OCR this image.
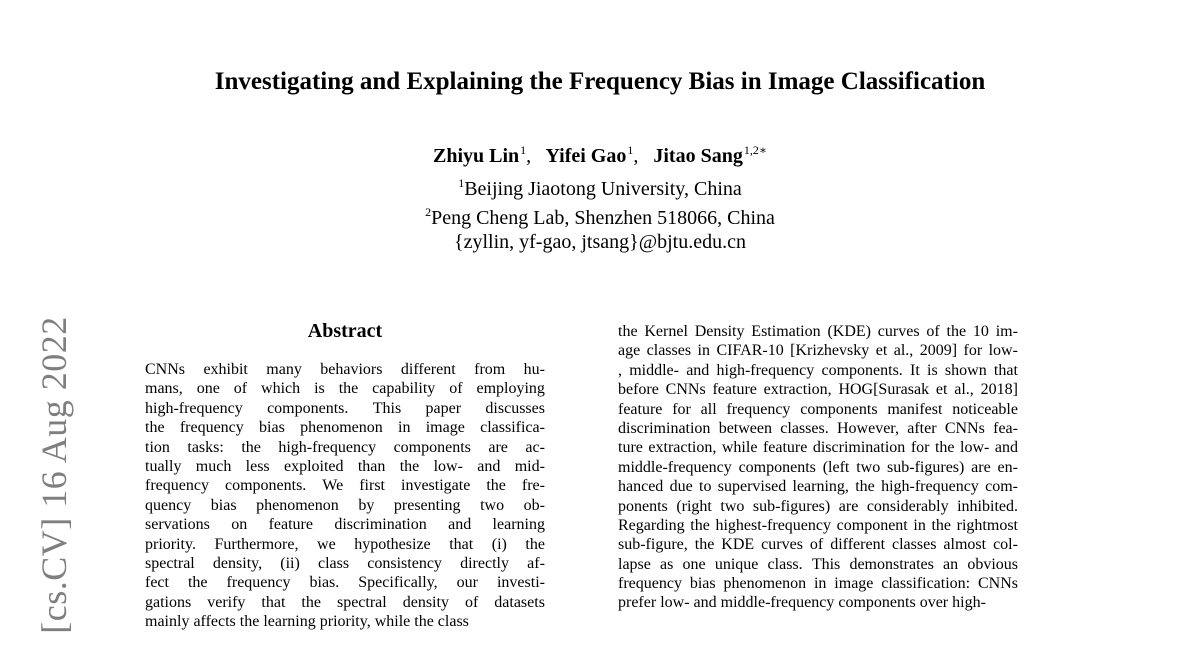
Investigating and Explaining the Frequency Bias in Image Classification
Zhiyu Lin$^1$, Yifei Gao$^1$, Jitao Sang$^{1,2∗}$
$^1$Beijing Jiaotong University, China
$^2$Peng Cheng Lab, Shenzhen 518066, China
{zyllin, yf-gao, jtsang}@bjtu.edu.cn
[cs.CV] 16 Aug 2022	Abstract
CNNs exhibit many behaviors different from hu-
mans, one of which is the capability of employing
high-frequency components. This paper discusses
the frequency bias phenomenon in image classifica-
tion tasks: the high-frequency components are ac-
tually much less exploited than the low- and mid-
frequency components. We first investigate the fre-
quency bias phenomenon by presenting two ob-
servations on feature discrimination and learning
priority. Furthermore, we hypothesize that (i) the
spectral density, (ii) class consistency directly af-
fect the frequency bias. Specifically, our investi-
gations verify that the spectral density of datasets
mainly affects the learning priority, while the class
the Kernel Density Estimation (KDE) curves of the 10 im-
age classes in CIFAR-10 [Krizhevsky et al., 2009] for low-
, middle- and high-frequency components. It is shown that
before CNNs feature extraction, HOG[Surasak et al., 2018]
feature for all frequency components manifest noticeable
discrimination between classes. However, after CNNs fea-
ture extraction, while feature discrimination for the low- and
middle-frequency components (left two sub-figures) are en-
hanced due to supervised learning, the high-frequency com-
ponents (right two sub-figures) are considerably inhibited.
Regarding the highest-frequency component in the rightmost
sub-figure, the KDE curves of different classes almost col-
lapse as one unique class. This demonstrates an obvious
frequency bias phenomenon in image classification: CNNs
prefer low- and middle-frequency components over high-
